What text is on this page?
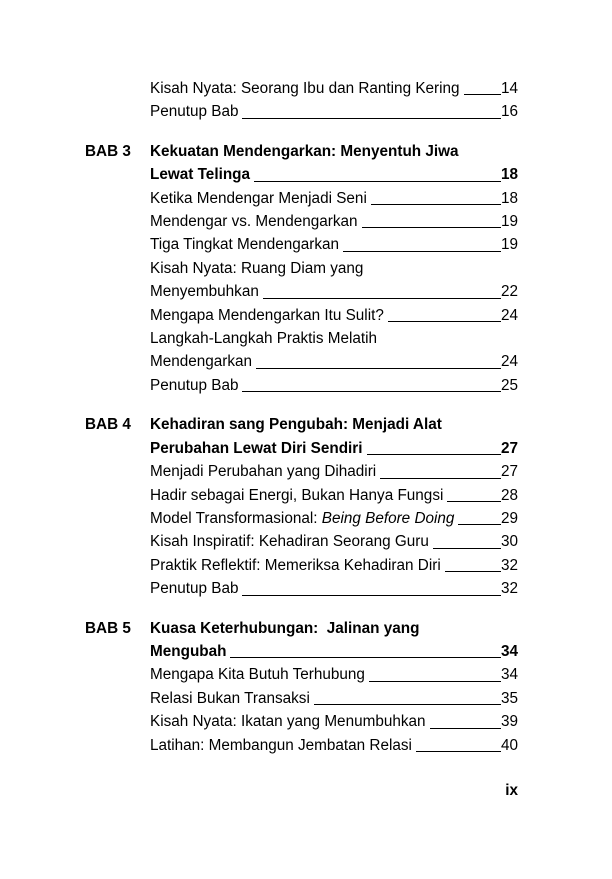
Kisah Nyata: Seorang Ibu dan Ranting Kering	14
Penutup Bab	16
BAB 3	Kekuatan Mendengarkan: Menyentuh Jiwa
Lewat Telinga	18
Ketika Mendengar Menjadi Seni	18
Mendengar vs. Mendengarkan	19
Tiga Tingkat Mendengarkan	19
Kisah Nyata: Ruang Diam yang
Menyembuhkan	22
Mengapa Mendengarkan Itu Sulit?	24
Langkah-Langkah Praktis Melatih
Mendengarkan	24
Penutup Bab	25
BAB 4	Kehadiran sang Pengubah: Menjadi Alat
Perubahan Lewat Diri Sendiri	27
Menjadi Perubahan yang Dihadiri	27
Hadir sebagai Energi, Bukan Hanya Fungsi	28
Model Transformasional: Being Before Doing	29
Kisah Inspiratif: Kehadiran Seorang Guru	30
Praktik Reflektif: Memeriksa Kehadiran Diri	32
Penutup Bab	32
BAB 5	Kuasa Keterhubungan:  Jalinan yang
Mengubah	34
Mengapa Kita Butuh Terhubung	34
Relasi Bukan Transaksi	35
Kisah Nyata: Ikatan yang Menumbuhkan	39
Latihan: Membangun Jembatan Relasi	40
ix
